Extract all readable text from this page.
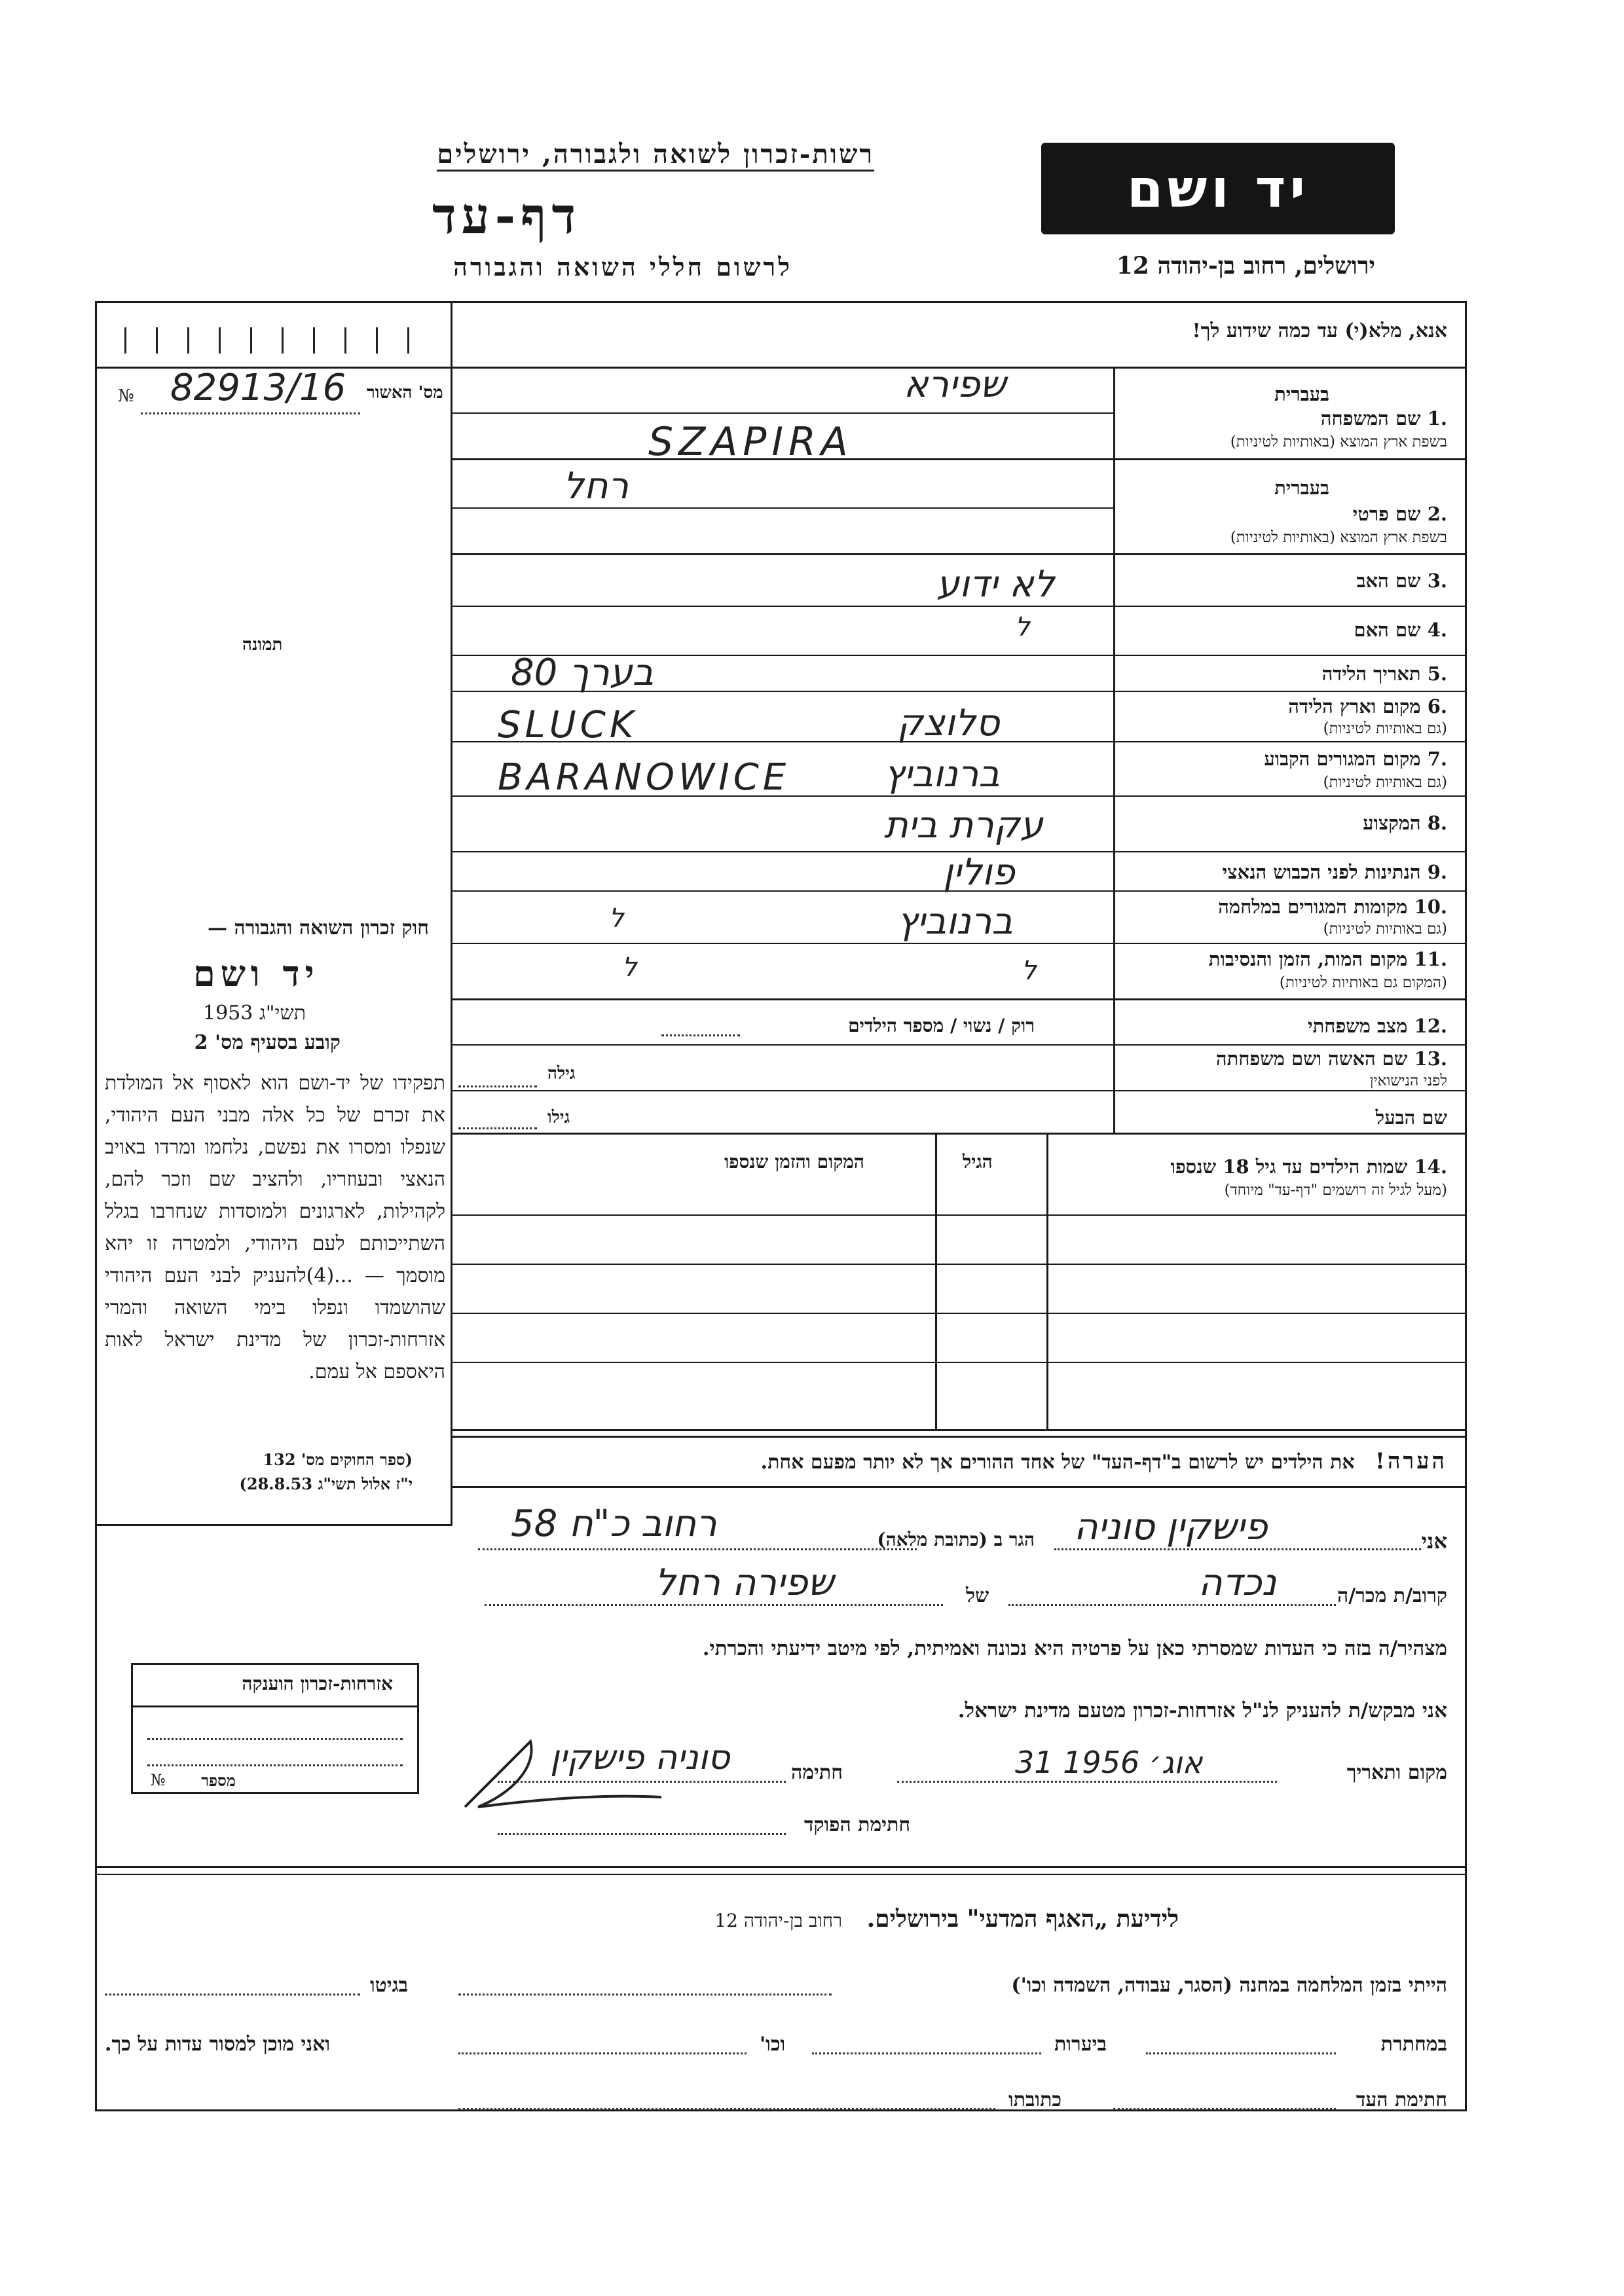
רשות-זכרון לשואה ולגבורה, ירושלים
דף-עד
לרשום חללי השואה והגבורה
יד ושם
ירושלים, רחוב בן-יהודה 12
אנא, מלא(י) עד כמה שידוע לך!
מס' האשור
№ 82913/16
תמונה
בעברית
.1 שם המשפחה
בשפת ארץ המוצא (באותיות לטיניות)
שפירא
SZAPIRA
בעברית
.2 שם פרטי
בשפת ארץ המוצא (באותיות לטיניות)
רחל
.3 שם האב
לא ידוע
.4 שם האם
ל
.5 תאריך הלידה
80 בערך
.6 מקום וארץ הלידה
(גם באותיות לטיניות)
SLUCK	סלוצק
.7 מקום המגורים הקבוע
(גם באותיות לטיניות)
BARANOWICE	ברנוביץ
.8 המקצוע
עקרת בית
.9 הנתינות לפני הכבוש הנאצי
פולין
.10 מקומות המגורים במלחמה
(גם באותיות לטיניות)
ברנוביץ
ל
.11 מקום המות, הזמן והנסיבות
(המקום גם באותיות לטיניות)
ל	ל
.12 מצב משפחתי
רוק / נשוי / מספר הילדים
.13 שם האשה ושם משפחתה
לפני הנישואין
גילה
שם הבעל
גילו
.14 שמות הילדים עד גיל 18 שנספו
(מעל לגיל זה רושמים "דף-עד" מיוחד)
הגיל
המקום והזמן שנספו
חוק זכרון השואה והגבורה —
יד ושם
תשי"ג 1953
קובע בסעיף מס' 2
תפקידו של יד-ושם הוא לאסוף אל המולדת את זכרם של כל אלה מבני העם היהודי, שנפלו ומסרו את נפשם, נלחמו ומרדו באויב הנאצי ובעוזריו, ולהציב שם וזכר להם, לקהילות, לארגונים ולמוסדות שנחרבו בגלל השתייכותם לעם היהודי, ולמטרה זו יהא מוסמך — ...(4)להעניק לבני העם היהודי שהושמדו ונפלו בימי השואה והמרי אזרחות-זכרון של מדינת ישראל לאות היאספם אל עמם.
(ספר החוקים מס' 132
י"ז אלול תשי"ג 28.8.53)
הערה!   את הילדים יש לרשום ב"דף-העד" של אחד ההורים אך לא יותר מפעם אחת.
אני
פישקין סוניה
הגר ב (כתובת מלאה)
רחוב כ"ח 58
קרוב/ת מכר/ה
נכדה
של
שפירה רחל
מצהיר/ה בזה כי העדות שמסרתי כאן על פרטיה היא נכונה ואמיתית, לפי מיטב ידיעתי והכרתי.
אני מבקש/ת להעניק לנ"ל אזרחות-זכרון מטעם מדינת ישראל.
מקום ותאריך
31 אוג׳ 1956
חתימה
סוניה פישקין
חתימת הפוקד
אזרחות-זכרון הוענקה
№ מספר
לידיעת „האגף המדעי" בירושלים.   רחוב בן-יהודה 12
הייתי בזמן המלחמה במחנה (הסגר, עבודה, השמדה וכו')
בגיטו
במחתרת
ביערות
וכו'
ואני מוכן למסור עדות על כך.
חתימת העד
כתובתו
